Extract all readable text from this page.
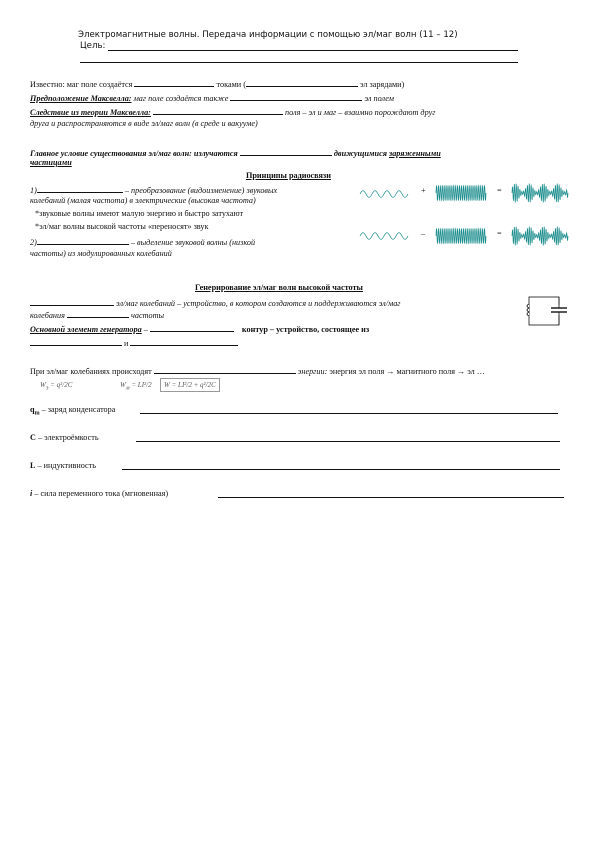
Электромагнитные волны. Передача информации с помощью эл/маг волн (11 – 12)
Цель:
Известно: маг поле создаётся	токами (	эл зарядами)
Предположение Максвелла: маг поле создаётся также	эл полем
Следствие из теории Максвелла:	поля – эл и маг – взаимно порождают друг
друга и распространяются в виде эл/маг волн (в среде и вакууме)
Главное условие существования эл/маг волн: излучаются	движущимися заряженными
частицами
Принципы радиосвязи
1)	– преобразование (видоизменение) звуковых
колебаний (малая частота) в электрические (высокая частота)
*звуковые волны имеют малую энергию и быстро затухают
*эл/маг волны высокой частоты «переносят» звук
2)	– выделение звуковой волны (низкой
частоты) из модулированных колебаний
+	=
–	=
Генерирование эл/маг волн высокой частоты
эл/маг колебаний – устройство, в котором создаются и поддерживаются эл/маг
колебания	частоты
Основной элемент генератора –	контур – устройство, состоящее из
и
При эл/маг колебаниях происходят	энергии: энергия эл поля → магнитного поля → эл …
$W_э = q^2/2C$	$W_м = LI^2/2$	W = LI²/2 + q²/2C
$q_m$ – заряд конденсатора
C – электроёмкость
L – индуктивность
i – сила переменного тока (мгновенная)
